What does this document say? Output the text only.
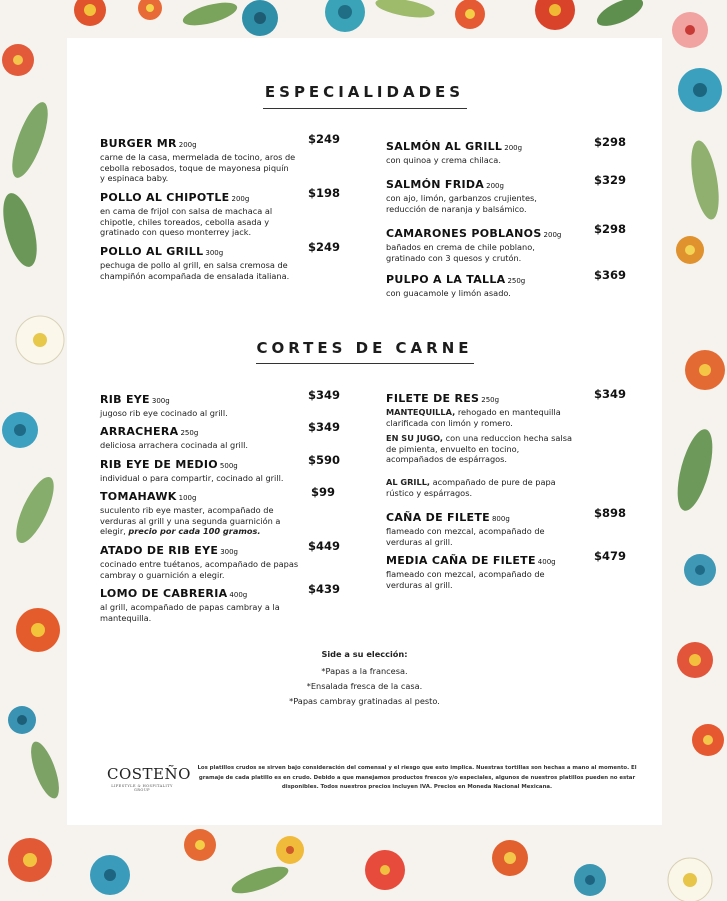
ESPECIALIDADES
BURGER MR 200g
carne de la casa, mermelada de tocino, aros de cebolla rebosados, toque de mayonesa piquín y espinaca baby.
$249
POLLO AL CHIPOTLE 200g
en cama de frijol con salsa de machaca al chipotle, chiles toreados, cebolla asada y gratinado con queso monterrey jack.
$198
POLLO AL GRILL 300g
pechuga de pollo al grill, en salsa cremosa de champiñón acompañada de ensalada italiana.
$249
SALMÓN AL GRILL 200g
con quinoa y crema chilaca.
$298
SALMÓN FRIDA 200g
con ajo, limón, garbanzos crujientes, reducción de naranja y balsámico.
$329
CAMARONES POBLANOS 200g
bañados en crema de chile poblano, gratinado con 3 quesos y crutón.
$298
PULPO A LA TALLA 250g
con guacamole y limón asado.
$369
CORTES DE CARNE
RIB EYE 300g
jugoso rib eye cocinado al grill.
$349
ARRACHERA 250g
deliciosa arrachera cocinada al grill.
$349
RIB EYE DE MEDIO 500g
individual o para compartir, cocinado al grill.
$590
TOMAHAWK 100g
suculento rib eye master, acompañado de verduras al grill y una segunda guarnición a elegir, precio por cada 100 gramos.
$99
ATADO DE RIB EYE 300g
cocinado entre tuétanos, acompañado de papas cambray o guarnición a elegir.
$449
LOMO DE CABRERIA 400g
al grill, acompañado de papas cambray a la mantequilla.
$439
FILETE DE RES 250g
MANTEQUILLA, rehogado en mantequilla clarificada con limón y romero.
$349
EN SU JUGO, con una reduccion hecha salsa de pimienta, envuelto en tocino, acompañados de espárragos.
AL GRILL, acompañado de pure de papa rústico y espárragos.
CAÑA DE FILETE 800g
flameado con mezcal, acompañado de verduras al grill.
$898
MEDIA CAÑA DE FILETE 400g
flameado con mezcal, acompañado de verduras al grill.
$479
Side a su elección:
*Papas a la francesa.
*Ensalada fresca de la casa.
*Papas cambray gratinadas al pesto.
COSTEÑO
LIFESTYLE & HOSPITALITY GROUP
Los platillos crudos se sirven bajo consideración del comensal y el riesgo que esto implica. Nuestras tortillas son hechas a mano al momento. El gramaje de cada platillo es en crudo. Debido a que manejamos productos frescos y/o especiales, algunos de nuestros platillos pueden no estar disponibles. Todos nuestros precios incluyen IVA. Precios en Moneda Nacional Mexicana.
